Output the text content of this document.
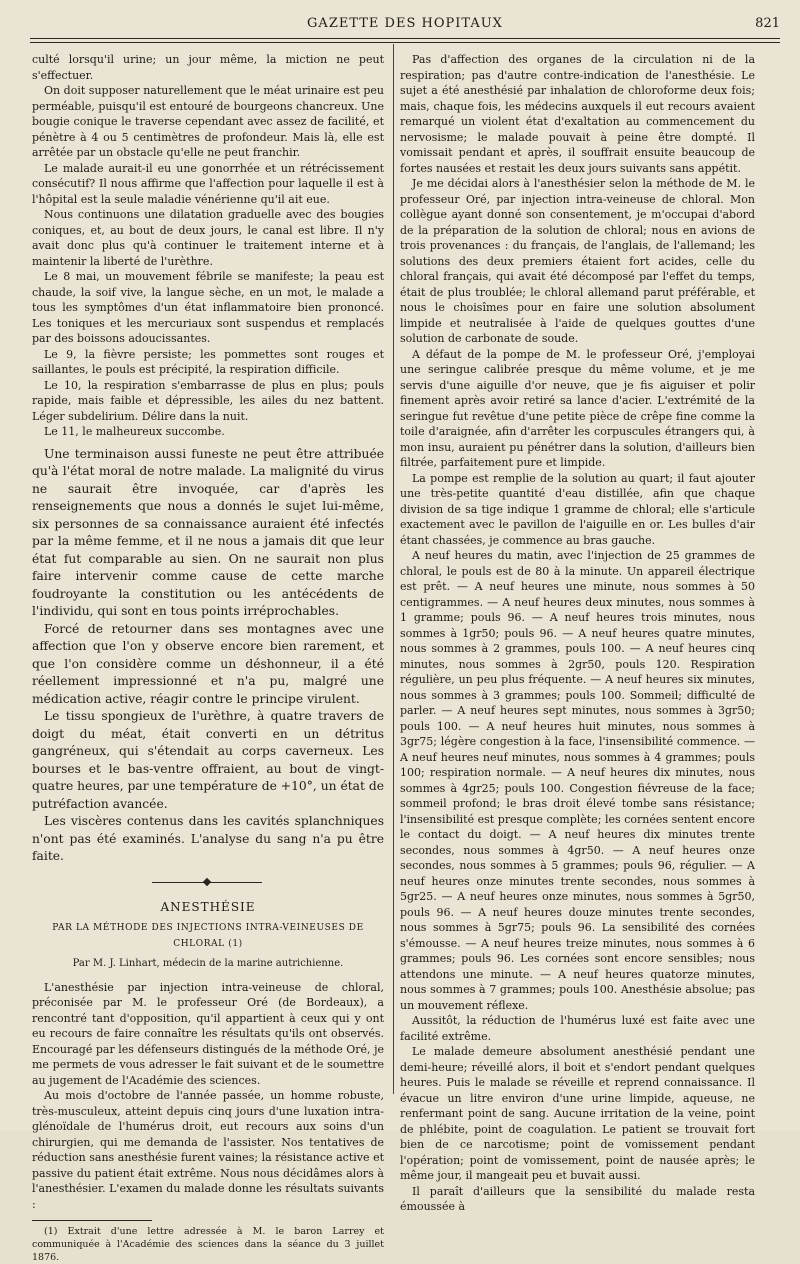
GAZETTE DES HOPITAUX	821

culté lorsqu'il urine; un jour même, la miction ne peut s'effectuer.

On doit supposer naturellement que le méat urinaire est peu perméable, puisqu'il est entouré de bourgeons chancreux. Une bougie conique le traverse cependant avec assez de facilité, et pénètre à 4 ou 5 centimètres de profondeur. Mais là, elle est arrêtée par un obstacle qu'elle ne peut franchir.

Le malade aurait-il eu une gonorrhée et un rétrécissement consécutif? Il nous affirme que l'affection pour laquelle il est à l'hôpital est la seule maladie vénérienne qu'il ait eue.

Nous continuons une dilatation graduelle avec des bougies coniques, et, au bout de deux jours, le canal est libre. Il n'y avait donc plus qu'à continuer le traitement interne et à maintenir la liberté de l'urèthre.

Le 8 mai, un mouvement fébrile se manifeste; la peau est chaude, la soif vive, la langue sèche, en un mot, le malade a tous les symptômes d'un état inflammatoire bien prononcé. Les toniques et les mercuriaux sont suspendus et remplacés par des boissons adoucissantes.

Le 9, la fièvre persiste; les pommettes sont rouges et saillantes, le pouls est précipité, la respiration difficile.

Le 10, la respiration s'embarrasse de plus en plus; pouls rapide, mais faible et dépressible, les ailes du nez battent. Léger subdelirium. Délire dans la nuit.

Le 11, le malheureux succombe.

Une terminaison aussi funeste ne peut être attribuée qu'à l'état moral de notre malade. La malignité du virus ne saurait être invoquée, car d'après les renseignements que nous a donnés le sujet lui-même, six personnes de sa connaissance auraient été infectés par la même femme, et il ne nous a jamais dit que leur état fut comparable au sien. On ne saurait non plus faire intervenir comme cause de cette marche foudroyante la constitution ou les antécédents de l'individu, qui sont en tous points irréprochables.

Forcé de retourner dans ses montagnes avec une affection que l'on y observe encore bien rarement, et que l'on considère comme un déshonneur, il a été réellement impressionné et n'a pu, malgré une médication active, réagir contre le principe virulent.

Le tissu spongieux de l'urèthre, à quatre travers de doigt du méat, était converti en un détritus gangréneux, qui s'étendait au corps caverneux. Les bourses et le bas-ventre offraient, au bout de vingt-quatre heures, par une température de +10°, un état de putréfaction avancée.

Les viscères contenus dans les cavités splanchniques n'ont pas été examinés. L'analyse du sang n'a pu être faite.

ANESTHÉSIE
PAR LA MÉTHODE DES INJECTIONS INTRA-VEINEUSES DE CHLORAL (1)
Par M. J. Linhart, médecin de la marine autrichienne.

L'anesthésie par injection intra-veineuse de chloral, préconisée par M. le professeur Oré (de Bordeaux), a rencontré tant d'opposition, qu'il appartient à ceux qui y ont eu recours de faire connaître les résultats qu'ils ont observés. Encouragé par les défenseurs distingués de la méthode Oré, je me permets de vous adresser le fait suivant et de le soumettre au jugement de l'Académie des sciences.

Au mois d'octobre de l'année passée, un homme robuste, très-musculeux, atteint depuis cinq jours d'une luxation intra-glénoïdale de l'humérus droit, eut recours aux soins d'un chirurgien, qui me demanda de l'assister. Nos tentatives de réduction sans anesthésie furent vaines; la résistance active et passive du patient était extrême. Nous nous décidâmes alors à l'anesthésier. L'examen du malade donne les résultats suivants :

(1) Extrait d'une lettre adressée à M. le baron Larrey et communiquée à l'Académie des sciences dans la séance du 3 juillet 1876.

Pas d'affection des organes de la circulation ni de la respiration; pas d'autre contre-indication de l'anesthésie. Le sujet a été anesthésié par inhalation de chloroforme deux fois; mais, chaque fois, les médecins auxquels il eut recours avaient remarqué un violent état d'exaltation au commencement du nervosisme; le malade pouvait à peine être dompté. Il vomissait pendant et après, il souffrait ensuite beaucoup de fortes nausées et restait les deux jours suivants sans appétit.

Je me décidai alors à l'anesthésier selon la méthode de M. le professeur Oré, par injection intra-veineuse de chloral. Mon collègue ayant donné son consentement, je m'occupai d'abord de la préparation de la solution de chloral; nous en avions de trois provenances : du français, de l'anglais, de l'allemand; les solutions des deux premiers étaient fort acides, celle du chloral français, qui avait été décomposé par l'effet du temps, était de plus troublée; le chloral allemand parut préférable, et nous le choisîmes pour en faire une solution absolument limpide et neutralisée à l'aide de quelques gouttes d'une solution de carbonate de soude.

A défaut de la pompe de M. le professeur Oré, j'employai une seringue calibrée presque du même volume, et je me servis d'une aiguille d'or neuve, que je fis aiguiser et polir finement après avoir retiré sa lance d'acier. L'extrémité de la seringue fut revêtue d'une petite pièce de crêpe fine comme la toile d'araignée, afin d'arrêter les corpuscules étrangers qui, à mon insu, auraient pu pénétrer dans la solution, d'ailleurs bien filtrée, parfaitement pure et limpide.

La pompe est remplie de la solution au quart; il faut ajouter une très-petite quantité d'eau distillée, afin que chaque division de sa tige indique 1 gramme de chloral; elle s'articule exactement avec le pavillon de l'aiguille en or. Les bulles d'air étant chassées, je commence au bras gauche.

A neuf heures du matin, avec l'injection de 25 grammes de chloral, le pouls est de 80 à la minute. Un appareil électrique est prêt. — A neuf heures une minute, nous sommes à 50 centigrammes. — A neuf heures deux minutes, nous sommes à 1 gramme; pouls 96. — A neuf heures trois minutes, nous sommes à 1gr50; pouls 96. — A neuf heures quatre minutes, nous sommes à 2 grammes, pouls 100. — A neuf heures cinq minutes, nous sommes à 2gr50, pouls 120. Respiration régulière, un peu plus fréquente. — A neuf heures six minutes, nous sommes à 3 grammes; pouls 100. Sommeil; difficulté de parler. — A neuf heures sept minutes, nous sommes à 3gr50; pouls 100. — A neuf heures huit minutes, nous sommes à 3gr75; légère congestion à la face, l'insensibilité commence. — A neuf heures neuf minutes, nous sommes à 4 grammes; pouls 100; respiration normale. — A neuf heures dix minutes, nous sommes à 4gr25; pouls 100. Congestion fiévreuse de la face; sommeil profond; le bras droit élevé tombe sans résistance; l'insensibilité est presque complète; les cornées sentent encore le contact du doigt. — A neuf heures dix minutes trente secondes, nous sommes à 4gr50. — A neuf heures onze secondes, nous sommes à 5 grammes; pouls 96, régulier. — A neuf heures onze minutes trente secondes, nous sommes à 5gr25. — A neuf heures onze minutes, nous sommes à 5gr50, pouls 96. — A neuf heures douze minutes trente secondes, nous sommes à 5gr75; pouls 96. La sensibilité des cornées s'émousse. — A neuf heures treize minutes, nous sommes à 6 grammes; pouls 96. Les cornées sont encore sensibles; nous attendons une minute. — A neuf heures quatorze minutes, nous sommes à 7 grammes; pouls 100. Anesthésie absolue; pas un mouvement réflexe.

Aussitôt, la réduction de l'humérus luxé est faite avec une facilité extrême.

Le malade demeure absolument anesthésié pendant une demi-heure; réveillé alors, il boit et s'endort pendant quelques heures. Puis le malade se réveille et reprend connaissance. Il évacue un litre environ d'une urine limpide, aqueuse, ne renfermant point de sang. Aucune irritation de la veine, point de phlébite, point de coagulation. Le patient se trouvait fort bien de ce narcotisme; point de vomissement pendant l'opération; point de vomissement, point de nausée après; le même jour, il mangeait peu et buvait aussi.

Il paraît d'ailleurs que la sensibilité du malade resta émoussée à
